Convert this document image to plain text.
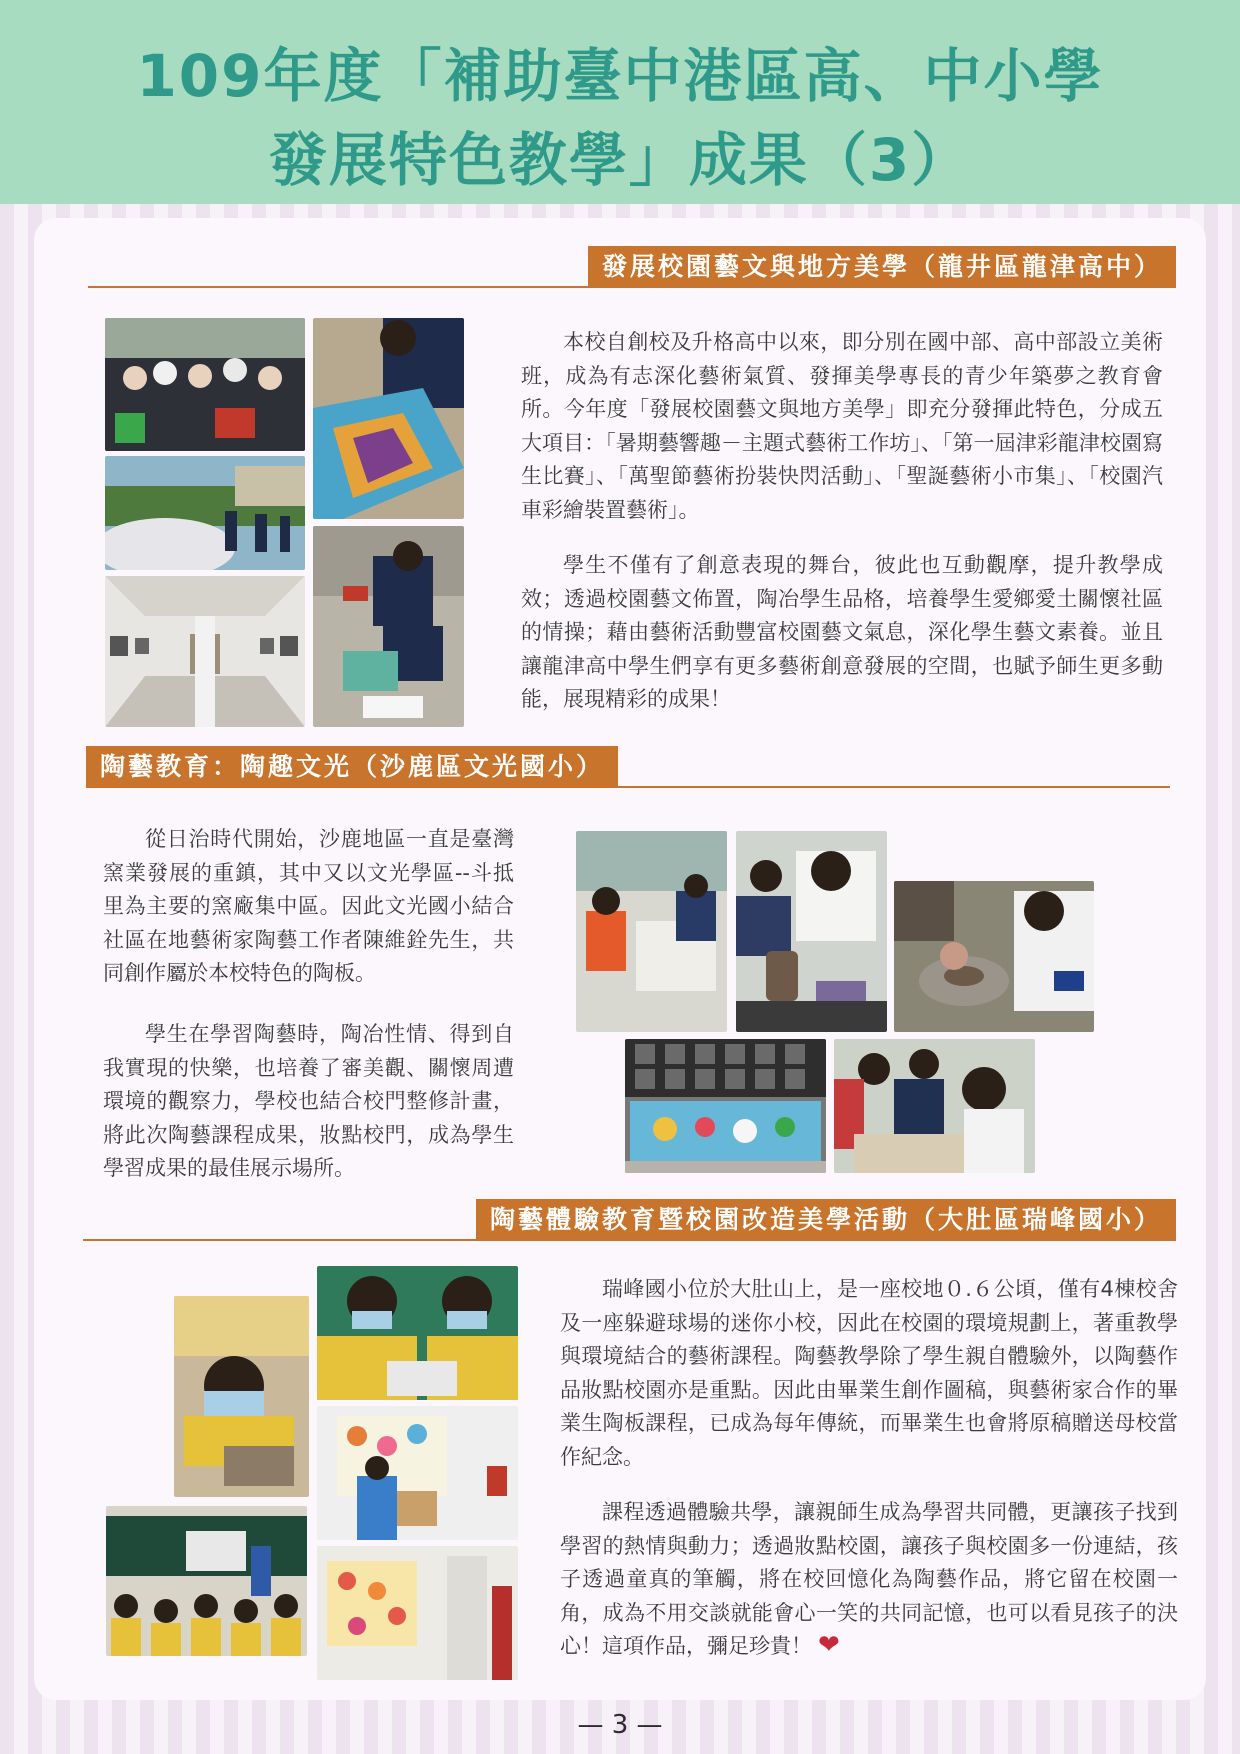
109年度「補助臺中港區高、中小學
發展特色教學」成果（3）
發展校園藝文與地方美學（龍井區龍津高中）

本校自創校及升格高中以來，即分別在國中部、高中部設立美術班，成為有志深化藝術氣質、發揮美學專長的青少年築夢之教育會所。今年度「發展校園藝文與地方美學」即充分發揮此特色，分成五大項目：「暑期藝響趣－主題式藝術工作坊」、「第一屆津彩龍津校園寫生比賽」、「萬聖節藝術扮裝快閃活動」、「聖誕藝術小市集」、「校園汽車彩繪裝置藝術」。

學生不僅有了創意表現的舞台，彼此也互動觀摩，提升教學成效；透過校園藝文佈置，陶冶學生品格，培養學生愛鄉愛土關懷社區的情操；藉由藝術活動豐富校園藝文氣息，深化學生藝文素養。並且讓龍津高中學生們享有更多藝術創意發展的空間，也賦予師生更多動能，展現精彩的成果！

陶藝教育：陶趣文光（沙鹿區文光國小）

從日治時代開始，沙鹿地區一直是臺灣窯業發展的重鎮，其中又以文光學區--斗抵里為主要的窯廠集中區。因此文光國小結合社區在地藝術家陶藝工作者陳維銓先生，共同創作屬於本校特色的陶板。

學生在學習陶藝時，陶冶性情、得到自我實現的快樂，也培養了審美觀、關懷周遭環境的觀察力，學校也結合校門整修計畫，將此次陶藝課程成果，妝點校門，成為學生學習成果的最佳展示場所。

陶藝體驗教育暨校園改造美學活動（大肚區瑞峰國小）

瑞峰國小位於大肚山上，是一座校地０.６公頃，僅有4棟校舍及一座躲避球場的迷你小校，因此在校園的環境規劃上，著重教學與環境結合的藝術課程。陶藝教學除了學生親自體驗外，以陶藝作品妝點校園亦是重點。因此由畢業生創作圖稿，與藝術家合作的畢業生陶板課程，已成為每年傳統，而畢業生也會將原稿贈送母校當作紀念。

課程透過體驗共學，讓親師生成為學習共同體，更讓孩子找到學習的熱情與動力；透過妝點校園，讓孩子與校園多一份連結，孩子透過童真的筆觸，將在校回憶化為陶藝作品，將它留在校園一角，成為不用交談就能會心一笑的共同記憶，也可以看見孩子的決心！這項作品，彌足珍貴！ ❤

— 3 —
